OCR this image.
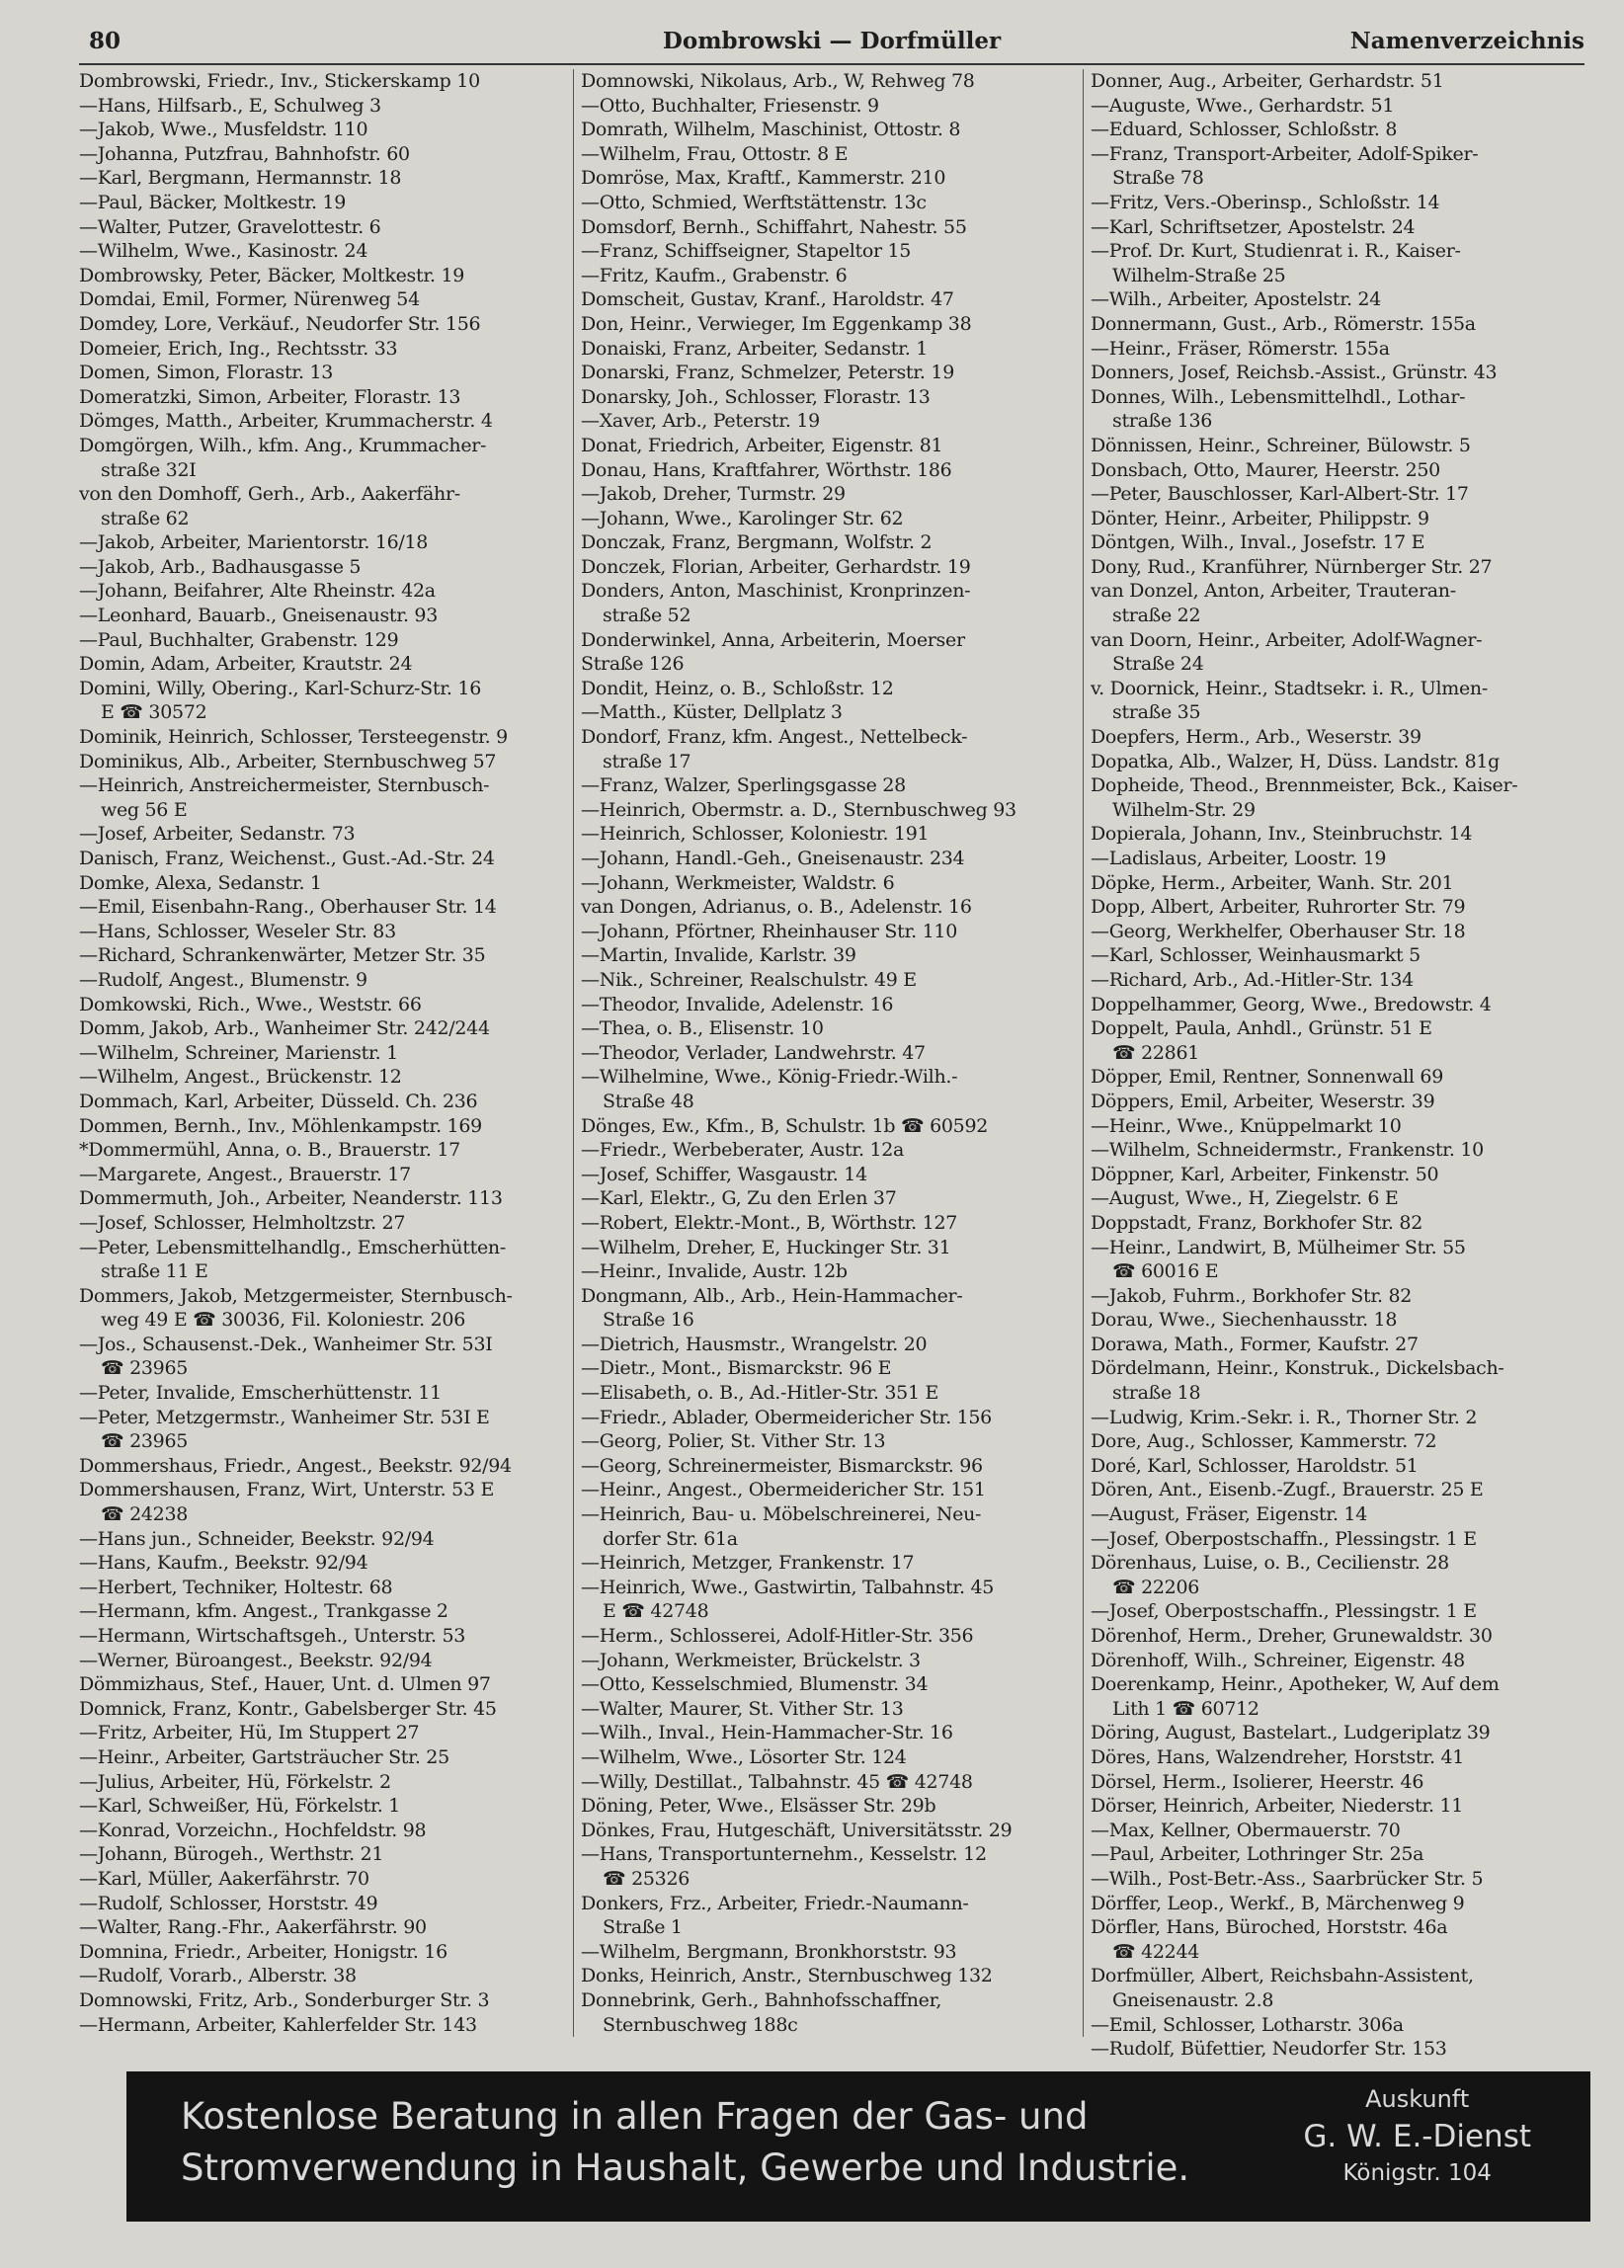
80	Dombrowski — Dorfmüller	Namenverzeichnis
Dombrowski, Friedr., Inv., Stickerskamp 10
—Hans, Hilfsarb., E, Schulweg 3
—Jakob, Wwe., Musfeldstr. 110
—Johanna, Putzfrau, Bahnhofstr. 60
—Karl, Bergmann, Hermannstr. 18
—Paul, Bäcker, Moltkestr. 19
—Walter, Putzer, Gravelottestr. 6
—Wilhelm, Wwe., Kasinostr. 24
Dombrowsky, Peter, Bäcker, Moltkestr. 19
Domdai, Emil, Former, Nürenweg 54
Domdey, Lore, Verkäuf., Neudorfer Str. 156
Domeier, Erich, Ing., Rechtsstr. 33
Domen, Simon, Florastr. 13
Domeratzki, Simon, Arbeiter, Florastr. 13
Dömges, Matth., Arbeiter, Krummacherstr. 4
Domgörgen, Wilh., kfm. Ang., Krummacher-
straße 32I
von den Domhoff, Gerh., Arb., Aakerfähr-
straße 62
—Jakob, Arbeiter, Marientorstr. 16/18
—Jakob, Arb., Badhausgasse 5
—Johann, Beifahrer, Alte Rheinstr. 42a
—Leonhard, Bauarb., Gneisenaustr. 93
—Paul, Buchhalter, Grabenstr. 129
Domin, Adam, Arbeiter, Krautstr. 24
Domini, Willy, Obering., Karl-Schurz-Str. 16
E ☎ 30572
Dominik, Heinrich, Schlosser, Tersteegenstr. 9
Dominikus, Alb., Arbeiter, Sternbuschweg 57
—Heinrich, Anstreichermeister, Sternbusch-
weg 56 E
—Josef, Arbeiter, Sedanstr. 73
Danisch, Franz, Weichenst., Gust.-Ad.-Str. 24
Domke, Alexa, Sedanstr. 1
—Emil, Eisenbahn-Rang., Oberhauser Str. 14
—Hans, Schlosser, Weseler Str. 83
—Richard, Schrankenwärter, Metzer Str. 35
—Rudolf, Angest., Blumenstr. 9
Domkowski, Rich., Wwe., Weststr. 66
Domm, Jakob, Arb., Wanheimer Str. 242/244
—Wilhelm, Schreiner, Marienstr. 1
—Wilhelm, Angest., Brückenstr. 12
Dommach, Karl, Arbeiter, Düsseld. Ch. 236
Dommen, Bernh., Inv., Möhlenkampstr. 169
*Dommermühl, Anna, o. B., Brauerstr. 17
—Margarete, Angest., Brauerstr. 17
Dommermuth, Joh., Arbeiter, Neanderstr. 113
—Josef, Schlosser, Helmholtzstr. 27
—Peter, Lebensmittelhandlg., Emscherhütten-
straße 11 E
Dommers, Jakob, Metzgermeister, Sternbusch-
weg 49 E ☎ 30036, Fil. Koloniestr. 206
—Jos., Schausenst.-Dek., Wanheimer Str. 53I
☎ 23965
—Peter, Invalide, Emscherhüttenstr. 11
—Peter, Metzgermstr., Wanheimer Str. 53I E
☎ 23965
Dommershaus, Friedr., Angest., Beekstr. 92/94
Dommershausen, Franz, Wirt, Unterstr. 53 E
☎ 24238
—Hans jun., Schneider, Beekstr. 92/94
—Hans, Kaufm., Beekstr. 92/94
—Herbert, Techniker, Holtestr. 68
—Hermann, kfm. Angest., Trankgasse 2
—Hermann, Wirtschaftsgeh., Unterstr. 53
—Werner, Büroangest., Beekstr. 92/94
Dömmizhaus, Stef., Hauer, Unt. d. Ulmen 97
Domnick, Franz, Kontr., Gabelsberger Str. 45
—Fritz, Arbeiter, Hü, Im Stuppert 27
—Heinr., Arbeiter, Gartsträucher Str. 25
—Julius, Arbeiter, Hü, Förkelstr. 2
—Karl, Schweißer, Hü, Förkelstr. 1
—Konrad, Vorzeichn., Hochfeldstr. 98
—Johann, Bürogeh., Werthstr. 21
—Karl, Müller, Aakerfährstr. 70
—Rudolf, Schlosser, Horststr. 49
—Walter, Rang.-Fhr., Aakerfährstr. 90
Domnina, Friedr., Arbeiter, Honigstr. 16
—Rudolf, Vorarb., Alberstr. 38
Domnowski, Fritz, Arb., Sonderburger Str. 3
—Hermann, Arbeiter, Kahlerfelder Str. 143
Domnowski, Nikolaus, Arb., W, Rehweg 78
—Otto, Buchhalter, Friesenstr. 9
Domrath, Wilhelm, Maschinist, Ottostr. 8
—Wilhelm, Frau, Ottostr. 8 E
Domröse, Max, Kraftf., Kammerstr. 210
—Otto, Schmied, Werftstättenstr. 13c
Domsdorf, Bernh., Schiffahrt, Nahestr. 55
—Franz, Schiffseigner, Stapeltor 15
—Fritz, Kaufm., Grabenstr. 6
Domscheit, Gustav, Kranf., Haroldstr. 47
Don, Heinr., Verwieger, Im Eggenkamp 38
Donaiski, Franz, Arbeiter, Sedanstr. 1
Donarski, Franz, Schmelzer, Peterstr. 19
Donarsky, Joh., Schlosser, Florastr. 13
—Xaver, Arb., Peterstr. 19
Donat, Friedrich, Arbeiter, Eigenstr. 81
Donau, Hans, Kraftfahrer, Wörthstr. 186
—Jakob, Dreher, Turmstr. 29
—Johann, Wwe., Karolinger Str. 62
Donczak, Franz, Bergmann, Wolfstr. 2
Donczek, Florian, Arbeiter, Gerhardstr. 19
Donders, Anton, Maschinist, Kronprinzen-
straße 52
Donderwinkel, Anna, Arbeiterin, Moerser
Straße 126
Dondit, Heinz, o. B., Schloßstr. 12
—Matth., Küster, Dellplatz 3
Dondorf, Franz, kfm. Angest., Nettelbeck-
straße 17
—Franz, Walzer, Sperlingsgasse 28
—Heinrich, Obermstr. a. D., Sternbuschweg 93
—Heinrich, Schlosser, Koloniestr. 191
—Johann, Handl.-Geh., Gneisenaustr. 234
—Johann, Werkmeister, Waldstr. 6
van Dongen, Adrianus, o. B., Adelenstr. 16
—Johann, Pförtner, Rheinhauser Str. 110
—Martin, Invalide, Karlstr. 39
—Nik., Schreiner, Realschulstr. 49 E
—Theodor, Invalide, Adelenstr. 16
—Thea, o. B., Elisenstr. 10
—Theodor, Verlader, Landwehrstr. 47
—Wilhelmine, Wwe., König-Friedr.-Wilh.-
Straße 48
Dönges, Ew., Kfm., B, Schulstr. 1b ☎ 60592
—Friedr., Werbeberater, Austr. 12a
—Josef, Schiffer, Wasgaustr. 14
—Karl, Elektr., G, Zu den Erlen 37
—Robert, Elektr.-Mont., B, Wörthstr. 127
—Wilhelm, Dreher, E, Huckinger Str. 31
—Heinr., Invalide, Austr. 12b
Dongmann, Alb., Arb., Hein-Hammacher-
Straße 16
—Dietrich, Hausmstr., Wrangelstr. 20
—Dietr., Mont., Bismarckstr. 96 E
—Elisabeth, o. B., Ad.-Hitler-Str. 351 E
—Friedr., Ablader, Obermeidericher Str. 156
—Georg, Polier, St. Vither Str. 13
—Georg, Schreinermeister, Bismarckstr. 96
—Heinr., Angest., Obermeidericher Str. 151
—Heinrich, Bau- u. Möbelschreinerei, Neu-
dorfer Str. 61a
—Heinrich, Metzger, Frankenstr. 17
—Heinrich, Wwe., Gastwirtin, Talbahnstr. 45
E ☎ 42748
—Herm., Schlosserei, Adolf-Hitler-Str. 356
—Johann, Werkmeister, Brückelstr. 3
—Otto, Kesselschmied, Blumenstr. 34
—Walter, Maurer, St. Vither Str. 13
—Wilh., Inval., Hein-Hammacher-Str. 16
—Wilhelm, Wwe., Lösorter Str. 124
—Willy, Destillat., Talbahnstr. 45 ☎ 42748
Döning, Peter, Wwe., Elsässer Str. 29b
Dönkes, Frau, Hutgeschäft, Universitätsstr. 29
—Hans, Transportunternehm., Kesselstr. 12
☎ 25326
Donkers, Frz., Arbeiter, Friedr.-Naumann-
Straße 1
—Wilhelm, Bergmann, Bronkhorststr. 93
Donks, Heinrich, Anstr., Sternbuschweg 132
Donnebrink, Gerh., Bahnhofsschaffner,
Sternbuschweg 188c
Donner, Aug., Arbeiter, Gerhardstr. 51
—Auguste, Wwe., Gerhardstr. 51
—Eduard, Schlosser, Schloßstr. 8
—Franz, Transport-Arbeiter, Adolf-Spiker-
Straße 78
—Fritz, Vers.-Oberinsp., Schloßstr. 14
—Karl, Schriftsetzer, Apostelstr. 24
—Prof. Dr. Kurt, Studienrat i. R., Kaiser-
Wilhelm-Straße 25
—Wilh., Arbeiter, Apostelstr. 24
Donnermann, Gust., Arb., Römerstr. 155a
—Heinr., Fräser, Römerstr. 155a
Donners, Josef, Reichsb.-Assist., Grünstr. 43
Donnes, Wilh., Lebensmittelhdl., Lothar-
straße 136
Dönnissen, Heinr., Schreiner, Bülowstr. 5
Donsbach, Otto, Maurer, Heerstr. 250
—Peter, Bauschlosser, Karl-Albert-Str. 17
Dönter, Heinr., Arbeiter, Philippstr. 9
Döntgen, Wilh., Inval., Josefstr. 17 E
Dony, Rud., Kranführer, Nürnberger Str. 27
van Donzel, Anton, Arbeiter, Trauteran-
straße 22
van Doorn, Heinr., Arbeiter, Adolf-Wagner-
Straße 24
v. Doornick, Heinr., Stadtsekr. i. R., Ulmen-
straße 35
Doepfers, Herm., Arb., Weserstr. 39
Dopatka, Alb., Walzer, H, Düss. Landstr. 81g
Dopheide, Theod., Brennmeister, Bck., Kaiser-
Wilhelm-Str. 29
Dopierala, Johann, Inv., Steinbruchstr. 14
—Ladislaus, Arbeiter, Loostr. 19
Döpke, Herm., Arbeiter, Wanh. Str. 201
Dopp, Albert, Arbeiter, Ruhrorter Str. 79
—Georg, Werkhelfer, Oberhauser Str. 18
—Karl, Schlosser, Weinhausmarkt 5
—Richard, Arb., Ad.-Hitler-Str. 134
Doppelhammer, Georg, Wwe., Bredowstr. 4
Doppelt, Paula, Anhdl., Grünstr. 51 E
☎ 22861
Döpper, Emil, Rentner, Sonnenwall 69
Döppers, Emil, Arbeiter, Weserstr. 39
—Heinr., Wwe., Knüppelmarkt 10
—Wilhelm, Schneidermstr., Frankenstr. 10
Döppner, Karl, Arbeiter, Finkenstr. 50
—August, Wwe., H, Ziegelstr. 6 E
Doppstadt, Franz, Borkhofer Str. 82
—Heinr., Landwirt, B, Mülheimer Str. 55
☎ 60016 E
—Jakob, Fuhrm., Borkhofer Str. 82
Dorau, Wwe., Siechenhausstr. 18
Dorawa, Math., Former, Kaufstr. 27
Dördelmann, Heinr., Konstruk., Dickelsbach-
straße 18
—Ludwig, Krim.-Sekr. i. R., Thorner Str. 2
Dore, Aug., Schlosser, Kammerstr. 72
Doré, Karl, Schlosser, Haroldstr. 51
Dören, Ant., Eisenb.-Zugf., Brauerstr. 25 E
—August, Fräser, Eigenstr. 14
—Josef, Oberpostschaffn., Plessingstr. 1 E
Dörenhaus, Luise, o. B., Cecilienstr. 28
☎ 22206
—Josef, Oberpostschaffn., Plessingstr. 1 E
Dörenhof, Herm., Dreher, Grunewaldstr. 30
Dörenhoff, Wilh., Schreiner, Eigenstr. 48
Doerenkamp, Heinr., Apotheker, W, Auf dem
Lith 1 ☎ 60712
Döring, August, Bastelart., Ludgeriplatz 39
Döres, Hans, Walzendreher, Horststr. 41
Dörsel, Herm., Isolierer, Heerstr. 46
Dörser, Heinrich, Arbeiter, Niederstr. 11
—Max, Kellner, Obermauerstr. 70
—Paul, Arbeiter, Lothringer Str. 25a
—Wilh., Post-Betr.-Ass., Saarbrücker Str. 5
Dörffer, Leop., Werkf., B, Märchenweg 9
Dörfler, Hans, Büroched, Horststr. 46a
☎ 42244
Dorfmüller, Albert, Reichsbahn-Assistent,
Gneisenaustr. 2.8
—Emil, Schlosser, Lotharstr. 306a
—Rudolf, Büfettier, Neudorfer Str. 153
Kostenlose Beratung in allen Fragen der Gas- und
Stromverwendung in Haushalt, Gewerbe und Industrie.
Auskunft
G. W. E.-Dienst
Königstr. 104
